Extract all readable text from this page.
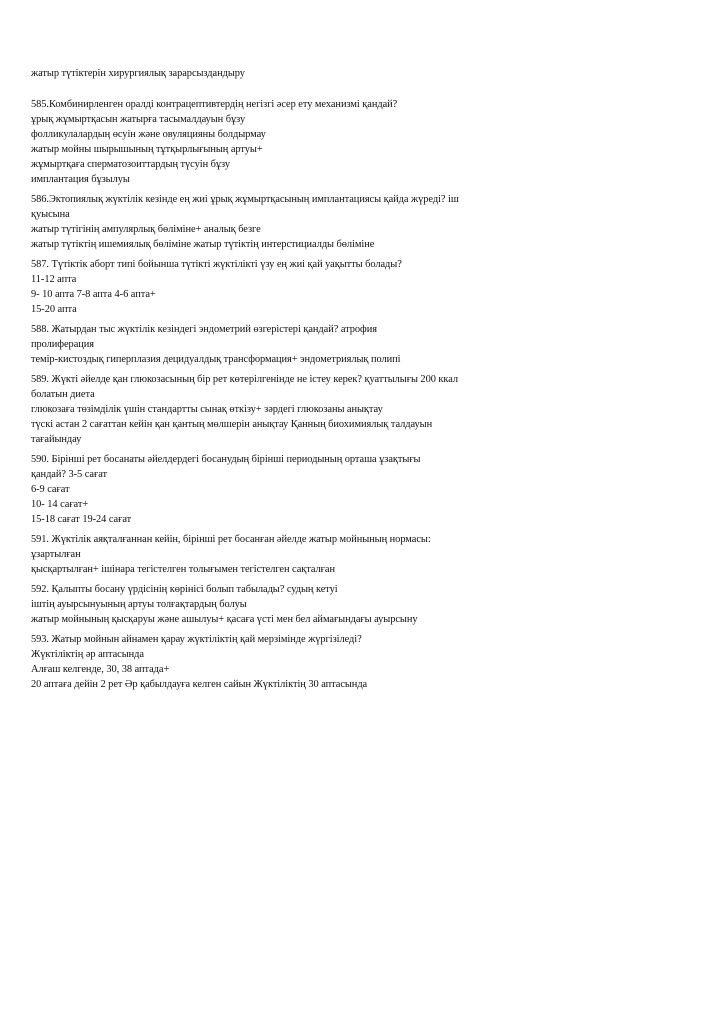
жатыр түтіктерін хирургиялық зарарсыздандыру
585.Комбинирленген оралді контрацептивтердің негізгі әсер ету механизмі қандай?
ұрық жұмыртқасын жатырға тасымалдауын бұзу
фолликулалардың өсуін және овуляцияны болдырмау
жатыр мойны шырышының тұтқырлығының артуы+
жұмыртқаға сперматозоиттардың түсуін бұзу
имплантация бұзылуы
586.Эктопиялық жүктілік кезінде ең жиі ұрық жұмыртқасының имплантациясы қайда жүреді? іш
қуысына
жатыр түтігінің ампулярлық бөліміне+ аналық безге
жатыр түтіктің ишемиялық бөліміне жатыр түтіктің интерстициалды бөліміне
587. Түтіктік аборт типі бойынша түтікті жүктілікті үзу ең жиі қай уақытты болады?
11-12 апта
9- 10 апта 7-8 апта 4-6 апта+
15-20 апта
588. Жатырдан тыс жүктілік кезіндегі эндометрий өзгерістері қандай? атрофия
пролиферация
темір-кистоздық гиперплазия децидуалдық трансформация+ эндометриялық полипі
589. Жүкті әйелде қан глюкозасының бір рет көтерілгенінде не істеу керек? қуаттылығы 200 ккал
болатын диета
глюкозаға төзімділік үшін стандартты сынақ өткізу+ зәрдегі глюкозаны анықтау
түскі астан 2 сағаттан кейін қан қантың мөлшерін анықтау Қанның биохимиялық талдауын
тағайындау
590. Бірінші рет босанаты әйелдердегі босанудың бірінші периодының орташа ұзақтығы
қандай? 3-5 сағат
6-9 сағат
10- 14 сағат+
15-18 сағат 19-24 сағат
591. Жүктілік аяқталғаннан кейін, бірінші рет босанған әйелде жатыр мойнының нормасы:
ұзартылған
қысқартылған+ ішінара тегістелген толығымен тегістелген сақталған
592. Қалыпты босану үрдісінің көрінісі болып табылады? судың кетуі
іштің ауырсынуының артуы толғақтардың болуы
жатыр мойнының қысқаруы және ашылуы+ қасаға үсті мен бел аймағындағы ауырсыну
593. Жатыр мойнын айнамен қарау жүктіліктің қай мерзімінде жүргізіледі?
Жүктіліктің әр аптасында
Алғаш келгенде, 30, 38 аптада+
20 аптаға дейін 2 рет Әр қабылдауға келген сайын Жүктіліктің 30 аптасында
